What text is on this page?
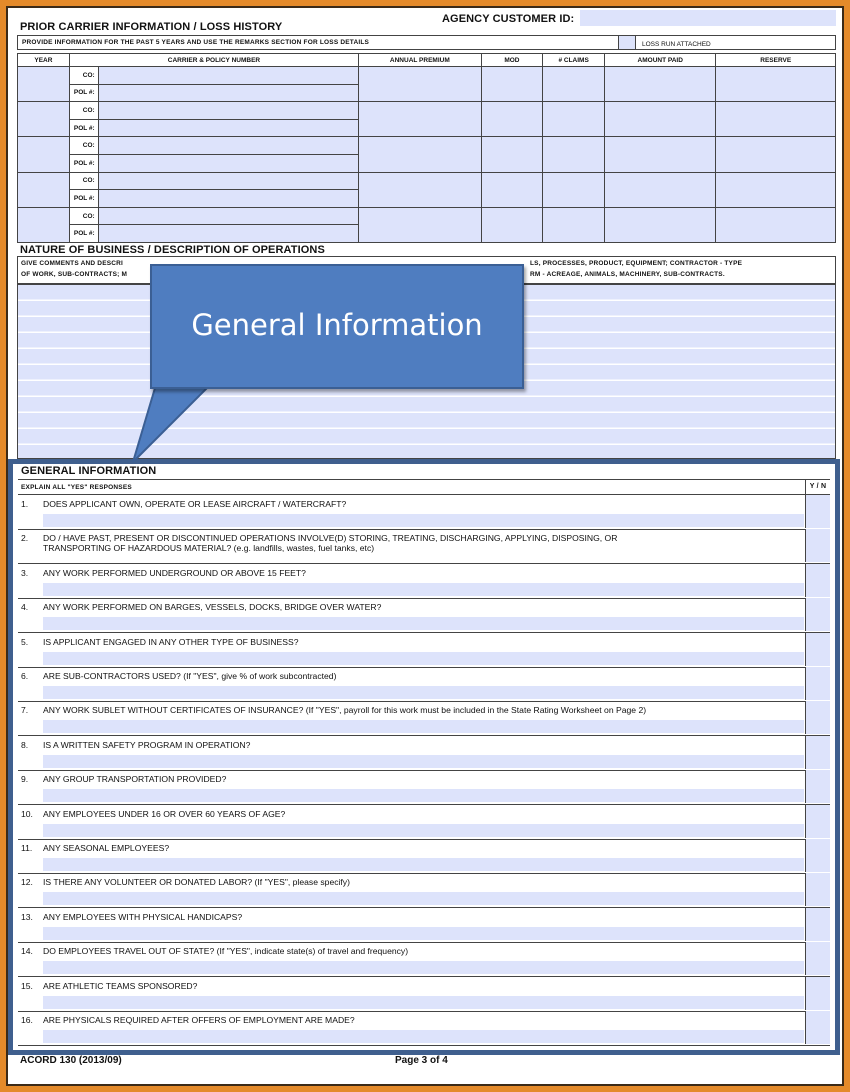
PRIOR CARRIER INFORMATION / LOSS HISTORY
AGENCY CUSTOMER ID:
PROVIDE INFORMATION FOR THE PAST 5 YEARS AND USE THE REMARKS SECTION FOR LOSS DETAILS	LOSS RUN ATTACHED
YEAR	CARRIER & POLICY NUMBER		ANNUAL PREMIUM	MOD	# CLAIMS	AMOUNT PAID	RESERVE
	CO:						
	POL #:						
	CO:						
	POL #:						
	CO:						
	POL #:						
	CO:						
	POL #:						
	CO:						
	POL #:						
NATURE OF BUSINESS / DESCRIPTION OF OPERATIONS
GIVE COMMENTS AND DESCRI
OF WORK, SUB-CONTRACTS; M
LS, PROCESSES, PRODUCT, EQUIPMENT; CONTRACTOR - TYPE
RM - ACREAGE, ANIMALS, MACHINERY, SUB-CONTRACTS.
GENERAL INFORMATION
EXPLAIN ALL "YES" RESPONSES	Y / N
1. DOES APPLICANT OWN, OPERATE OR LEASE AIRCRAFT / WATERCRAFT?
2. DO / HAVE PAST, PRESENT OR DISCONTINUED OPERATIONS INVOLVE(D) STORING, TREATING, DISCHARGING, APPLYING, DISPOSING, OR
TRANSPORTING OF HAZARDOUS MATERIAL? (e.g. landfills, wastes, fuel tanks, etc)
3. ANY WORK PERFORMED UNDERGROUND OR ABOVE 15 FEET?
4. ANY WORK PERFORMED ON BARGES, VESSELS, DOCKS, BRIDGE OVER WATER?
5. IS APPLICANT ENGAGED IN ANY OTHER TYPE OF BUSINESS?
6. ARE SUB-CONTRACTORS USED? (If "YES", give % of work subcontracted)
7. ANY WORK SUBLET WITHOUT CERTIFICATES OF INSURANCE? (If "YES", payroll for this work must be included in the State Rating Worksheet on Page 2)
8. IS A WRITTEN SAFETY PROGRAM IN OPERATION?
9. ANY GROUP TRANSPORTATION PROVIDED?
10. ANY EMPLOYEES UNDER 16 OR OVER 60 YEARS OF AGE?
11. ANY SEASONAL EMPLOYEES?
12. IS THERE ANY VOLUNTEER OR DONATED LABOR? (If "YES", please specify)
13. ANY EMPLOYEES WITH PHYSICAL HANDICAPS?
14. DO EMPLOYEES TRAVEL OUT OF STATE? (If "YES", indicate state(s) of travel and frequency)
15. ARE ATHLETIC TEAMS SPONSORED?
16. ARE PHYSICALS REQUIRED AFTER OFFERS OF EMPLOYMENT ARE MADE?
General Information
ACORD 130 (2013/09)	Page 3 of 4
